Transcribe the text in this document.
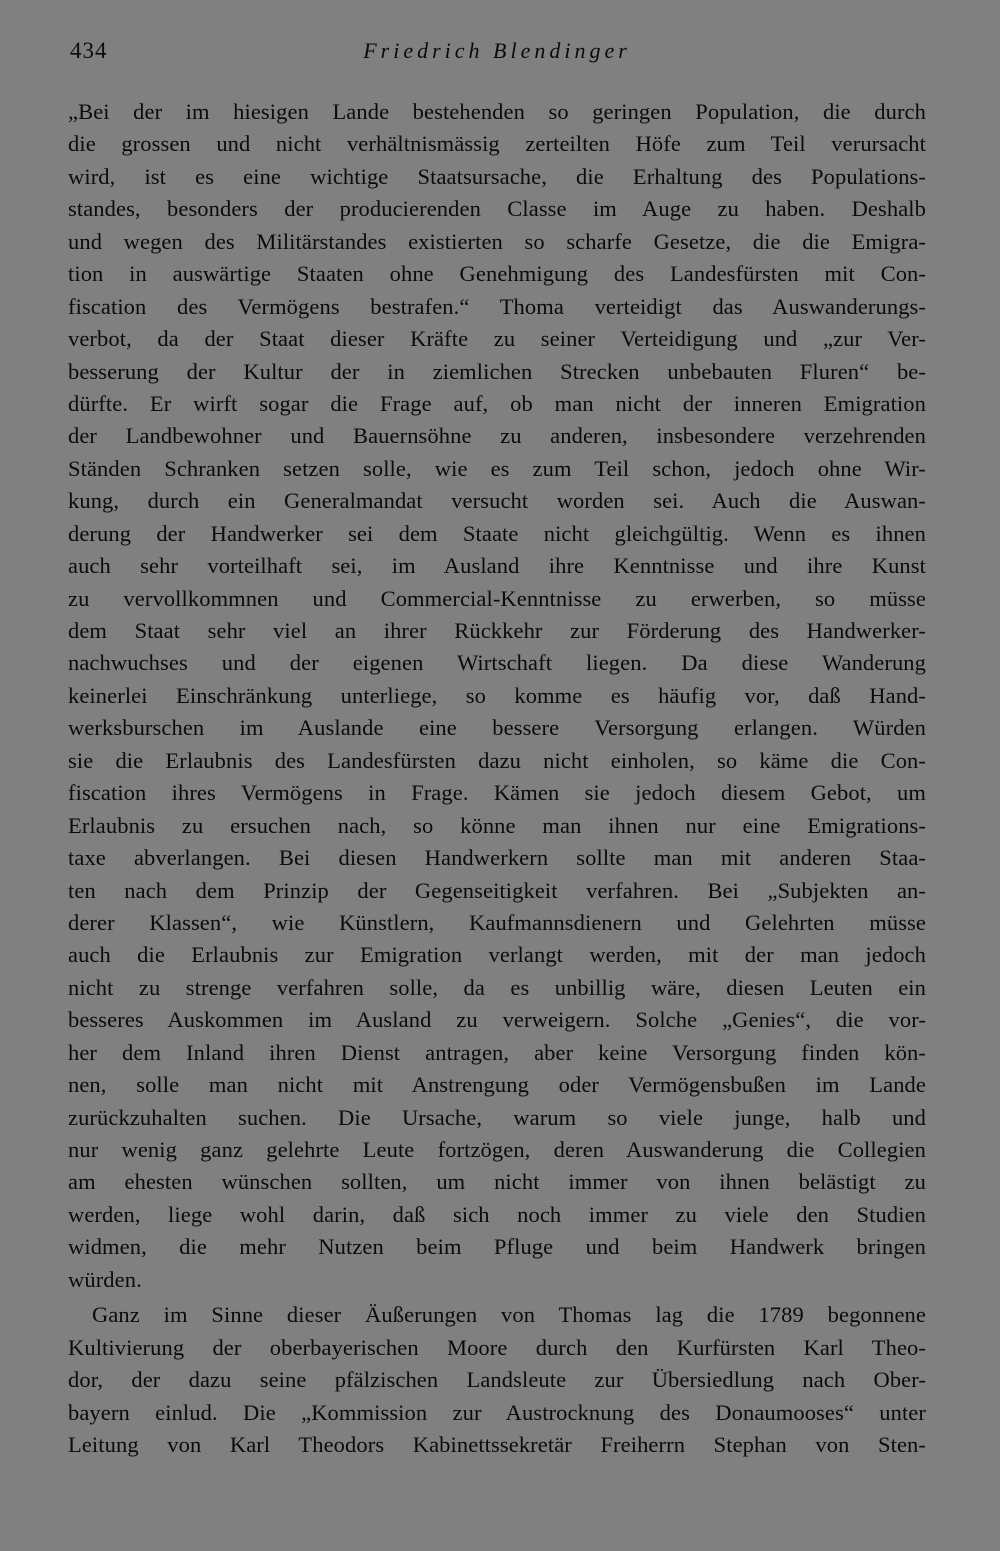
434	Friedrich Blendinger
„Bei der im hiesigen Lande bestehenden so geringen Population, die durch
die grossen und nicht verhältnismässig zerteilten Höfe zum Teil verursacht
wird, ist es eine wichtige Staatsursache, die Erhaltung des Populations-
standes, besonders der producierenden Classe im Auge zu haben. Deshalb
und wegen des Militärstandes existierten so scharfe Gesetze, die die Emigra-
tion in auswärtige Staaten ohne Genehmigung des Landesfürsten mit Con-
fiscation des Vermögens bestrafen.“ Thoma verteidigt das Auswanderungs-
verbot, da der Staat dieser Kräfte zu seiner Verteidigung und „zur Ver-
besserung der Kultur der in ziemlichen Strecken unbebauten Fluren“ be-
dürfte. Er wirft sogar die Frage auf, ob man nicht der inneren Emigration
der Landbewohner und Bauernsöhne zu anderen, insbesondere verzehrenden
Ständen Schranken setzen solle, wie es zum Teil schon, jedoch ohne Wir-
kung, durch ein Generalmandat versucht worden sei. Auch die Auswan-
derung der Handwerker sei dem Staate nicht gleichgültig. Wenn es ihnen
auch sehr vorteilhaft sei, im Ausland ihre Kenntnisse und ihre Kunst
zu vervollkommnen und Commercial-Kenntnisse zu erwerben, so müsse
dem Staat sehr viel an ihrer Rückkehr zur Förderung des Handwerker-
nachwuchses und der eigenen Wirtschaft liegen. Da diese Wanderung
keinerlei Einschränkung unterliege, so komme es häufig vor, daß Hand-
werksburschen im Auslande eine bessere Versorgung erlangen. Würden
sie die Erlaubnis des Landesfürsten dazu nicht einholen, so käme die Con-
fiscation ihres Vermögens in Frage. Kämen sie jedoch diesem Gebot, um
Erlaubnis zu ersuchen nach, so könne man ihnen nur eine Emigrations-
taxe abverlangen. Bei diesen Handwerkern sollte man mit anderen Staa-
ten nach dem Prinzip der Gegenseitigkeit verfahren. Bei „Subjekten an-
derer Klassen“, wie Künstlern, Kaufmannsdienern und Gelehrten müsse
auch die Erlaubnis zur Emigration verlangt werden, mit der man jedoch
nicht zu strenge verfahren solle, da es unbillig wäre, diesen Leuten ein
besseres Auskommen im Ausland zu verweigern. Solche „Genies“, die vor-
her dem Inland ihren Dienst antragen, aber keine Versorgung finden kön-
nen, solle man nicht mit Anstrengung oder Vermögensbußen im Lande
zurückzuhalten suchen. Die Ursache, warum so viele junge, halb und
nur wenig ganz gelehrte Leute fortzögen, deren Auswanderung die Collegien
am ehesten wünschen sollten, um nicht immer von ihnen belästigt zu
werden, liege wohl darin, daß sich noch immer zu viele den Studien
widmen, die mehr Nutzen beim Pfluge und beim Handwerk bringen
würden.
Ganz im Sinne dieser Äußerungen von Thomas lag die 1789 begonnene
Kultivierung der oberbayerischen Moore durch den Kurfürsten Karl Theo-
dor, der dazu seine pfälzischen Landsleute zur Übersiedlung nach Ober-
bayern einlud. Die „Kommission zur Austrocknung des Donaumooses“ unter
Leitung von Karl Theodors Kabinettssekretär Freiherrn Stephan von Sten-
